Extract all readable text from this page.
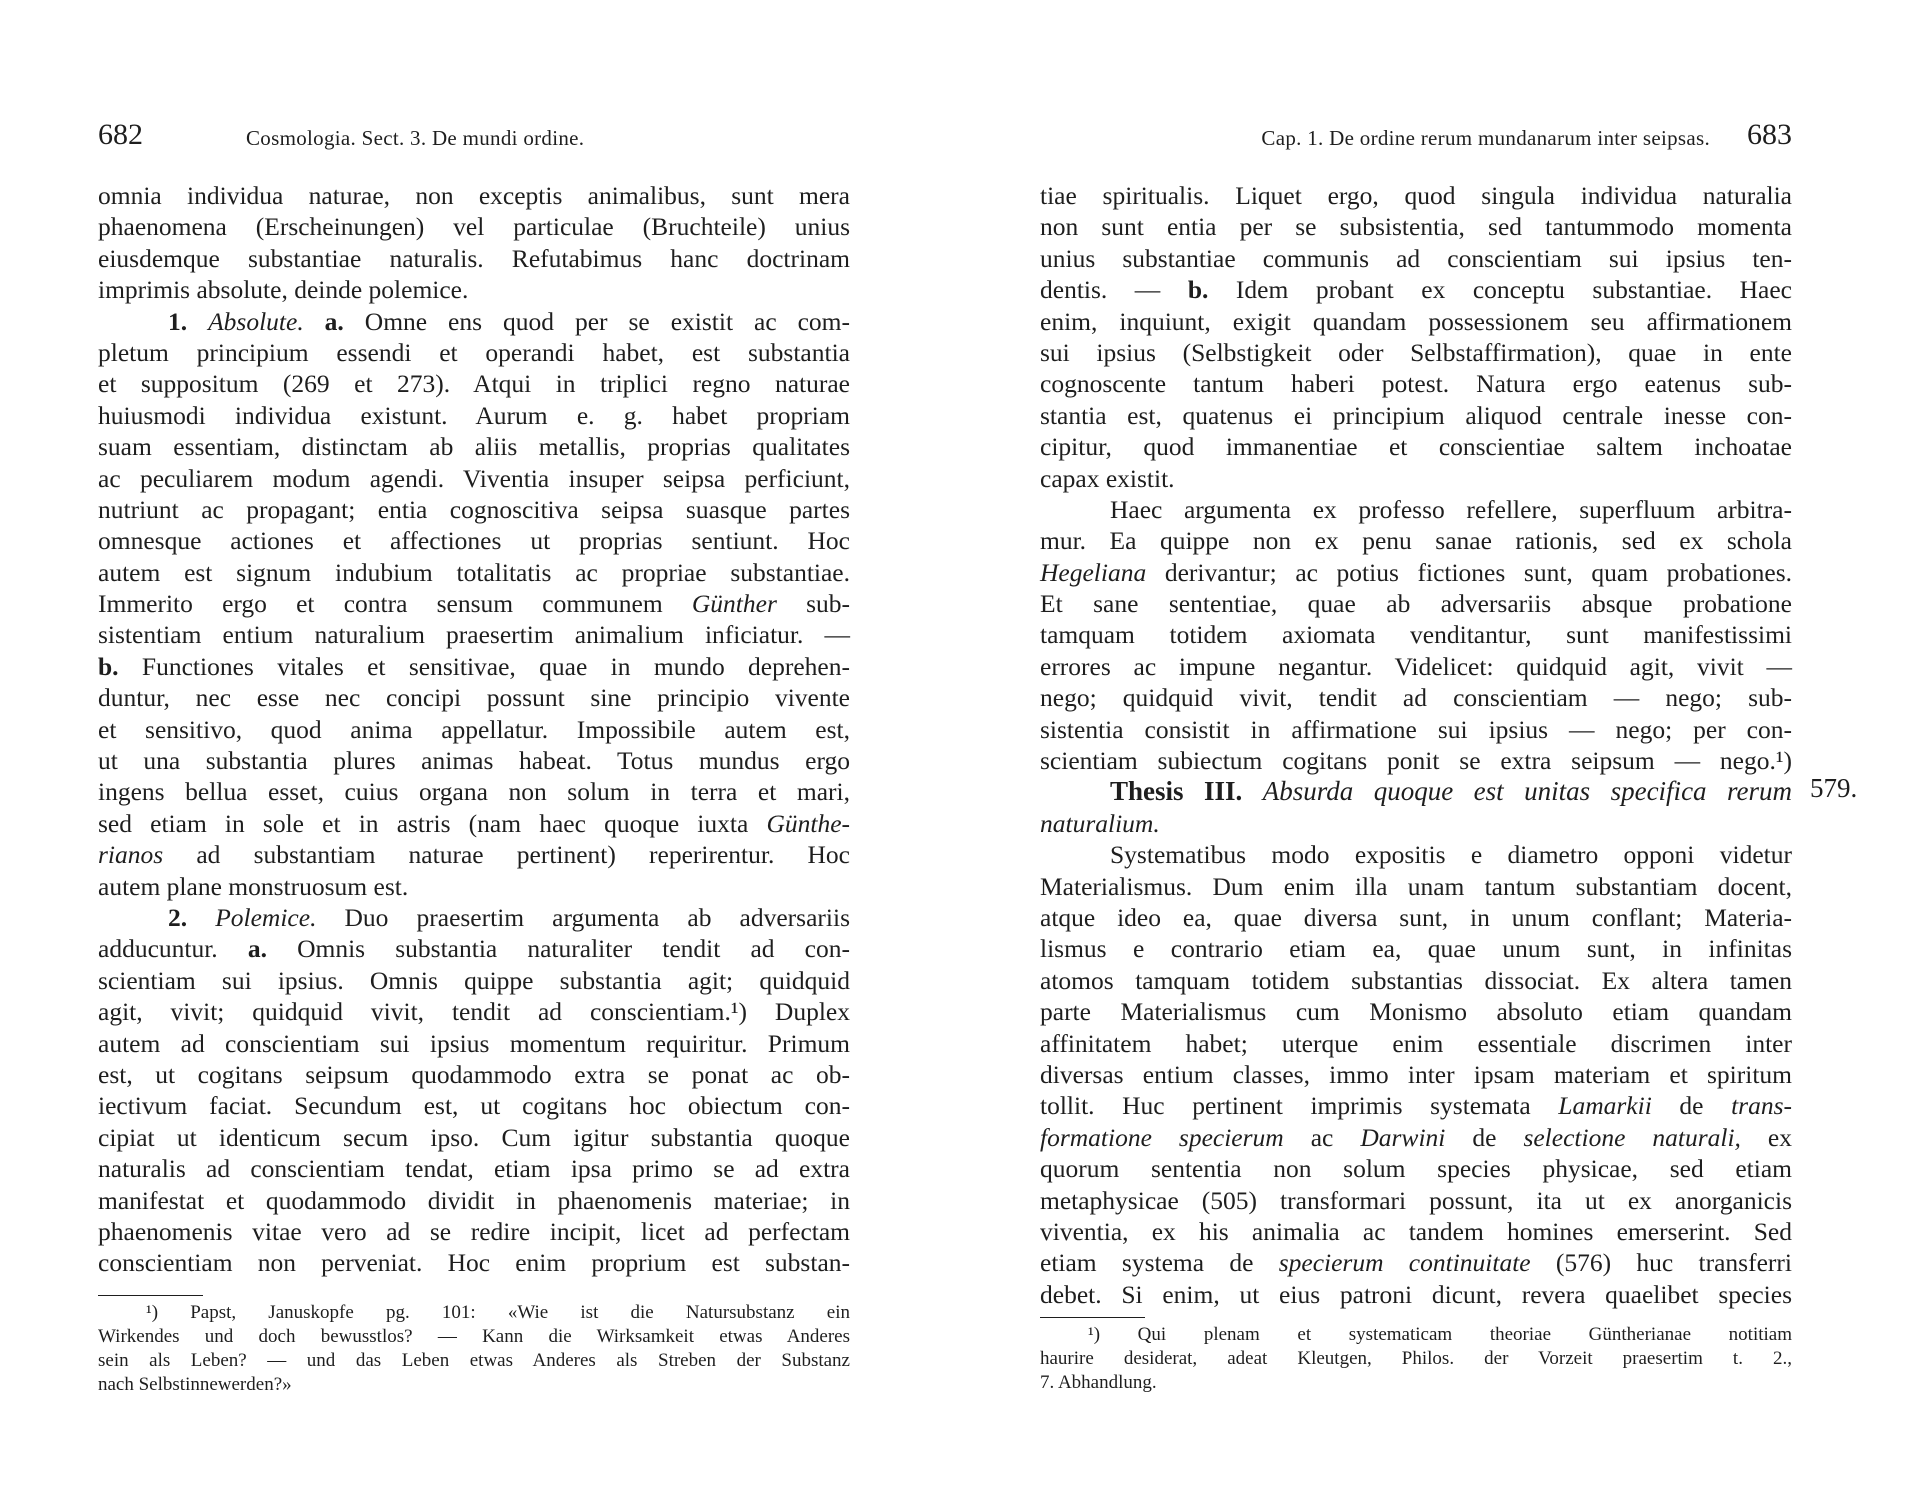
682	Cosmologia. Sect. 3. De mundi ordine.
omnia individua naturae, non exceptis animalibus, sunt mera
phaenomena (Erscheinungen) vel particulae (Bruchteile) unius
eiusdemque substantiae naturalis. Refutabimus hanc doctrinam
imprimis absolute, deinde polemice.
1. Absolute. a. Omne ens quod per se existit ac com-
pletum principium essendi et operandi habet, est substantia
et suppositum (269 et 273). Atqui in triplici regno naturae
huiusmodi individua existunt. Aurum e. g. habet propriam
suam essentiam, distinctam ab aliis metallis, proprias qualitates
ac peculiarem modum agendi. Viventia insuper seipsa perficiunt,
nutriunt ac propagant; entia cognoscitiva seipsa suasque partes
omnesque actiones et affectiones ut proprias sentiunt. Hoc
autem est signum indubium totalitatis ac propriae substantiae.
Immerito ergo et contra sensum communem Günther sub-
sistentiam entium naturalium praesertim animalium inficiatur. —
b. Functiones vitales et sensitivae, quae in mundo deprehen-
duntur, nec esse nec concipi possunt sine principio vivente
et sensitivo, quod anima appellatur. Impossibile autem est,
ut una substantia plures animas habeat. Totus mundus ergo
ingens bellua esset, cuius organa non solum in terra et mari,
sed etiam in sole et in astris (nam haec quoque iuxta Günthe-
rianos ad substantiam naturae pertinent) reperirentur. Hoc
autem plane monstruosum est.
2. Polemice. Duo praesertim argumenta ab adversariis
adducuntur. a. Omnis substantia naturaliter tendit ad con-
scientiam sui ipsius. Omnis quippe substantia agit; quidquid
agit, vivit; quidquid vivit, tendit ad conscientiam.¹) Duplex
autem ad conscientiam sui ipsius momentum requiritur. Primum
est, ut cogitans seipsum quodammodo extra se ponat ac ob-
iectivum faciat. Secundum est, ut cogitans hoc obiectum con-
cipiat ut identicum secum ipso. Cum igitur substantia quoque
naturalis ad conscientiam tendat, etiam ipsa primo se ad extra
manifestat et quodammodo dividit in phaenomenis materiae; in
phaenomenis vitae vero ad se redire incipit, licet ad perfectam
conscientiam non perveniat. Hoc enim proprium est substan-
¹) Papst, Januskopfe pg. 101: «Wie ist die Natursubstanz ein
Wirkendes und doch bewusstlos? — Kann die Wirksamkeit etwas Anderes
sein als Leben? — und das Leben etwas Anderes als Streben der Substanz
nach Selbstinnewerden?»
Cap. 1. De ordine rerum mundanarum inter seipsas. 683
tiae spiritualis. Liquet ergo, quod singula individua naturalia
non sunt entia per se subsistentia, sed tantummodo momenta
unius substantiae communis ad conscientiam sui ipsius ten-
dentis. — b. Idem probant ex conceptu substantiae. Haec
enim, inquiunt, exigit quandam possessionem seu affirmationem
sui ipsius (Selbstigkeit oder Selbstaffirmation), quae in ente
cognoscente tantum haberi potest. Natura ergo eatenus sub-
stantia est, quatenus ei principium aliquod centrale inesse con-
cipitur, quod immanentiae et conscientiae saltem inchoatae
capax existit.
Haec argumenta ex professo refellere, superfluum arbitra-
mur. Ea quippe non ex penu sanae rationis, sed ex schola
Hegeliana derivantur; ac potius fictiones sunt, quam probationes.
Et sane sententiae, quae ab adversariis absque probatione
tamquam totidem axiomata venditantur, sunt manifestissimi
errores ac impune negantur. Videlicet: quidquid agit, vivit —
nego; quidquid vivit, tendit ad conscientiam — nego; sub-
sistentia consistit in affirmatione sui ipsius — nego; per con-
scientiam subiectum cogitans ponit se extra seipsum — nego.¹)
Thesis III. Absurda quoque est unitas specifica rerum
naturalium.
Systematibus modo expositis e diametro opponi videtur
Materialismus. Dum enim illa unam tantum substantiam docent,
atque ideo ea, quae diversa sunt, in unum conflant; Materia-
lismus e contrario etiam ea, quae unum sunt, in infinitas
atomos tamquam totidem substantias dissociat. Ex altera tamen
parte Materialismus cum Monismo absoluto etiam quandam
affinitatem habet; uterque enim essentiale discrimen inter
diversas entium classes, immo inter ipsam materiam et spiritum
tollit. Huc pertinent imprimis systemata Lamarkii de trans-
formatione specierum ac Darwini de selectione naturali, ex
quorum sententia non solum species physicae, sed etiam
metaphysicae (505) transformari possunt, ita ut ex anorganicis
viventia, ex his animalia ac tandem homines emerserint. Sed
etiam systema de specierum continuitate (576) huc transferri
debet. Si enim, ut eius patroni dicunt, revera quaelibet species
579.
¹) Qui plenam et systematicam theoriae Güntherianae notitiam
haurire desiderat, adeat Kleutgen, Philos. der Vorzeit praesertim t. 2.,
7. Abhandlung.
